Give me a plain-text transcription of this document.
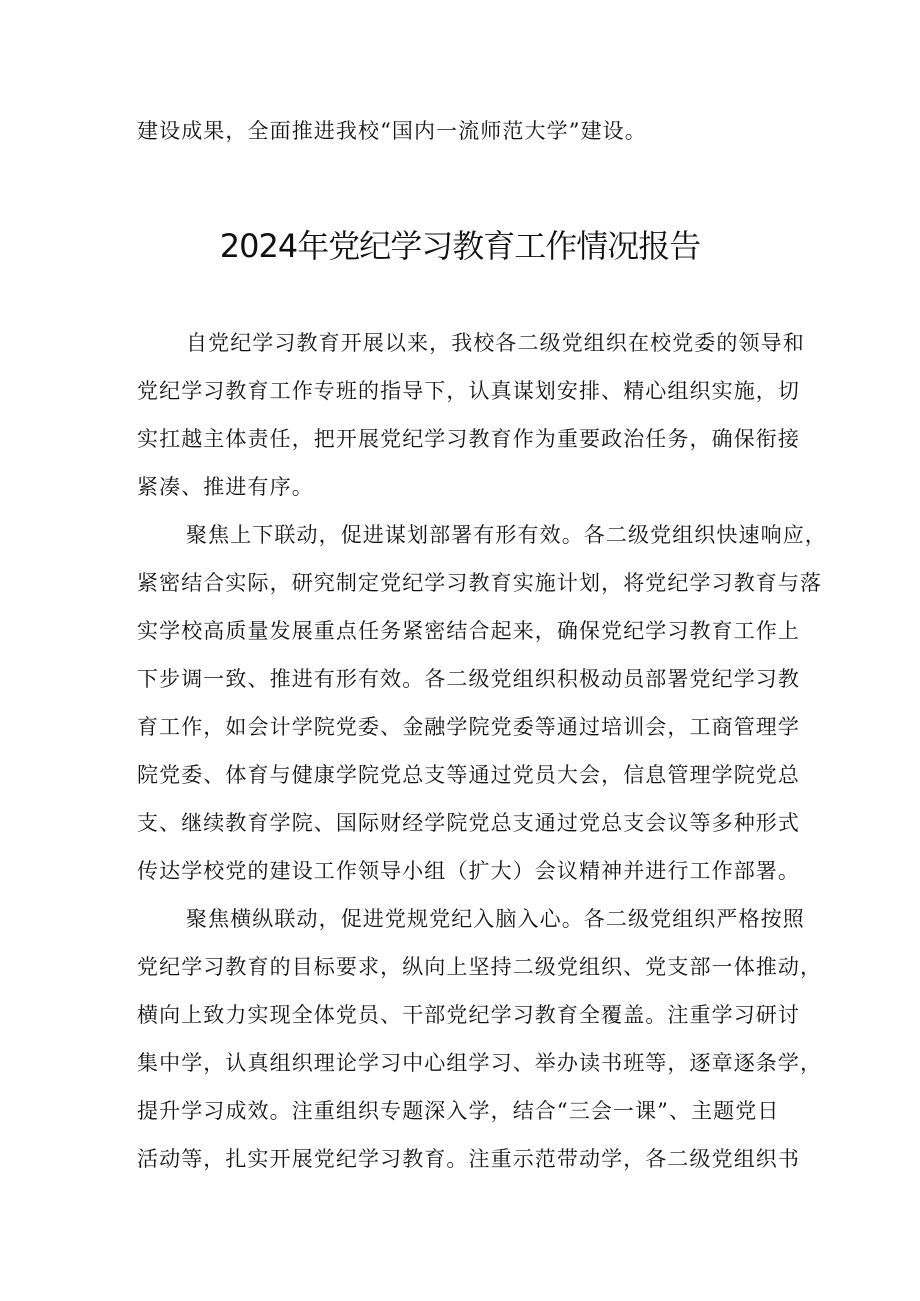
建设成果，全面推进我校“国内一流师范大学”建设。
2024年党纪学习教育工作情况报告
自党纪学习教育开展以来，我校各二级党组织在校党委的领导和
党纪学习教育工作专班的指导下，认真谋划安排、精心组织实施，切
实扛越主体责任，把开展党纪学习教育作为重要政治任务，确保衔接
紧凑、推进有序。
聚焦上下联动，促进谋划部署有形有效。各二级党组织快速响应，
紧密结合实际，研究制定党纪学习教育实施计划，将党纪学习教育与落
实学校高质量发展重点任务紧密结合起来，确保党纪学习教育工作上
下步调一致、推进有形有效。各二级党组织积极动员部署党纪学习教
育工作，如会计学院党委、金融学院党委等通过培训会，工商管理学
院党委、体育与健康学院党总支等通过党员大会，信息管理学院党总
支、继续教育学院、国际财经学院党总支通过党总支会议等多种形式
传达学校党的建设工作领导小组（扩大）会议精神并进行工作部署。
聚焦横纵联动，促进党规党纪入脑入心。各二级党组织严格按照
党纪学习教育的目标要求，纵向上坚持二级党组织、党支部一体推动，
横向上致力实现全体党员、干部党纪学习教育全覆盖。注重学习研讨
集中学，认真组织理论学习中心组学习、举办读书班等，逐章逐条学，
提升学习成效。注重组织专题深入学，结合“三会一课”、主题党日
活动等，扎实开展党纪学习教育。注重示范带动学，各二级党组织书
